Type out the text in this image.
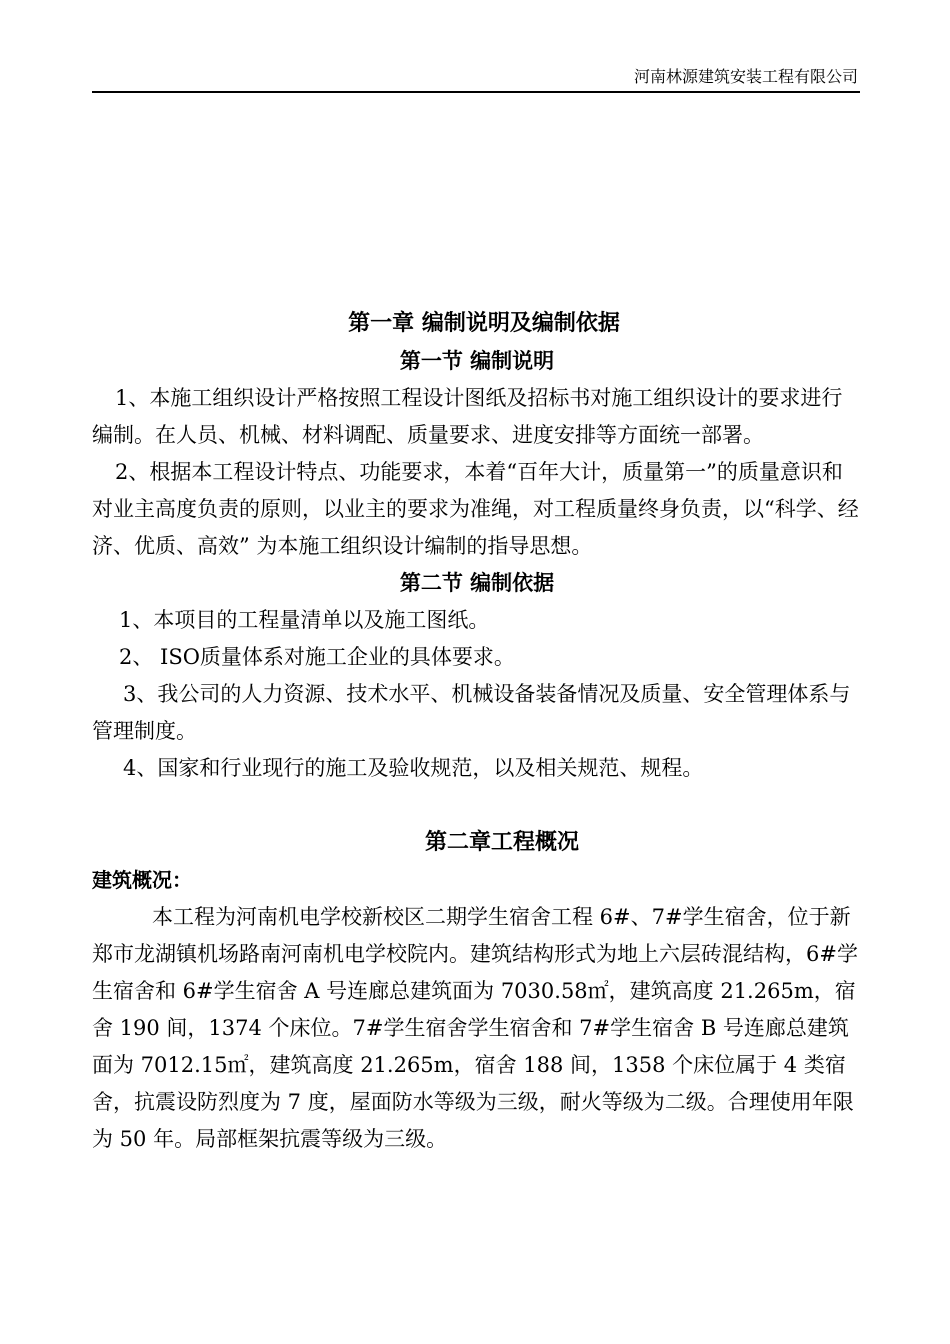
河南林源建筑安装工程有限公司
第一章 编制说明及编制依据
第一节 编制说明

1、本施工组织设计严格按照工程设计图纸及招标书对施工组织设计的要求进行编制。在人员、机械、材料调配、质量要求、进度安排等方面统一部署。

2、根据本工程设计特点、功能要求，本着“百年大计，质量第一”的质量意识和对业主高度负责的原则，以业主的要求为准绳，对工程质量终身负责，以“科学、经济、优质、高效” 为本施工组织设计编制的指导思想。

第二节 编制依据

1、本项目的工程量清单以及施工图纸。

2、 ISO质量体系对施工企业的具体要求。

3、我公司的人力资源、技术水平、机械设备装备情况及质量、安全管理体系与管理制度。

4、国家和行业现行的施工及验收规范，以及相关规范、规程。

第二章工程概况
建筑概况：

本工程为河南机电学校新校区二期学生宿舍工程 6#、7#学生宿舍，位于新郑市龙湖镇机场路南河南机电学校院内。建筑结构形式为地上六层砖混结构，6#学生宿舍和 6#学生宿舍 A 号连廊总建筑面为 7030.58㎡，建筑高度 21.265m，宿舍 190 间，1374 个床位。7#学生宿舍学生宿舍和 7#学生宿舍 B 号连廊总建筑面为 7012.15㎡，建筑高度 21.265m，宿舍 188 间，1358 个床位属于 4 类宿舍，抗震设防烈度为 7 度，屋面防水等级为三级，耐火等级为二级。合理使用年限为 50 年。局部框架抗震等级为三级。
